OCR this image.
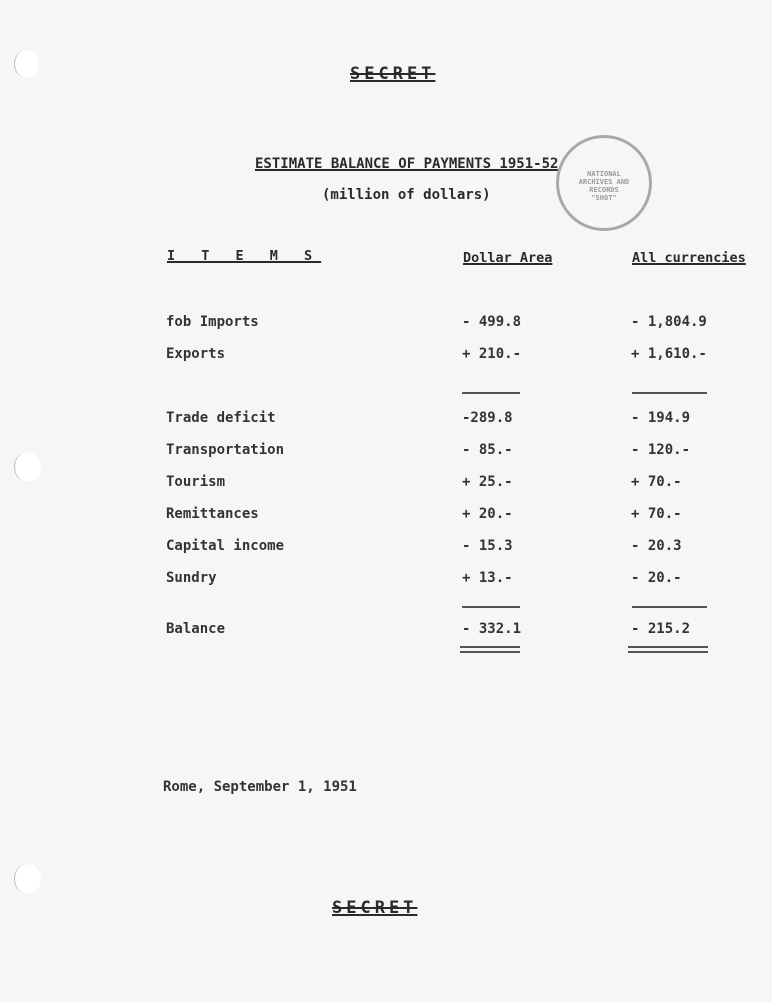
SECRET
ESTIMATE BALANCE OF PAYMENTS 1951-52
(million of dollars)
NATIONAL
ARCHIVES AND
RECORDS
"SHOT"
I T E M S	Dollar Area	All currencies
fob Imports	- 499.8	- 1,804.9
Exports	+ 210.-	+ 1,610.-
Trade deficit	-289.8	- 194.9
Transportation	- 85.-	- 120.-
Tourism	+ 25.-	+ 70.-
Remittances	+ 20.-	+ 70.-
Capital income	- 15.3	- 20.3
Sundry	+ 13.-	- 20.-
Balance	- 332.1	- 215.2
Rome, September 1, 1951
SECRET
